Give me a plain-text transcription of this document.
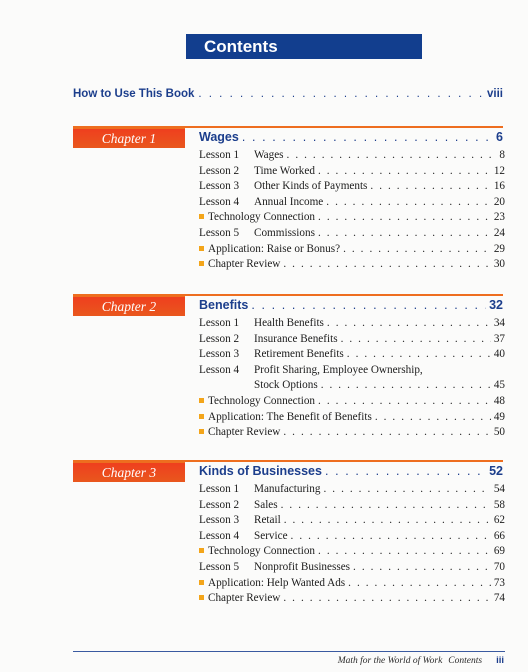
Contents
How to Use This Book . . .	viii
Chapter 1	Wages . . .	6
Lesson 1 Wages . . .	8
Lesson 2 Time Worked . . .	12
Lesson 3 Other Kinds of Payments . . .	16
Lesson 4 Annual Income . . .	20
Technology Connection . . .	23
Lesson 5 Commissions . . .	24
Application: Raise or Bonus? . . .	29
Chapter Review . . .	30
Chapter 2	Benefits . . .	32
Lesson 1 Health Benefits . . .	34
Lesson 2 Insurance Benefits . . .	37
Lesson 3 Retirement Benefits . . .	40
Lesson 4 Profit Sharing, Employee Ownership,
Stock Options . . .	45
Technology Connection . . .	48
Application: The Benefit of Benefits . . .	49
Chapter Review . . .	50
Chapter 3	Kinds of Businesses . . .	52
Lesson 1 Manufacturing . . .	54
Lesson 2 Sales . . .	58
Lesson 3 Retail . . .	62
Lesson 4 Service . . .	66
Technology Connection . . .	69
Lesson 5 Nonprofit Businesses . . .	70
Application: Help Wanted Ads . . .	73
Chapter Review . . .	74
Math for the World of Work Contents iii
